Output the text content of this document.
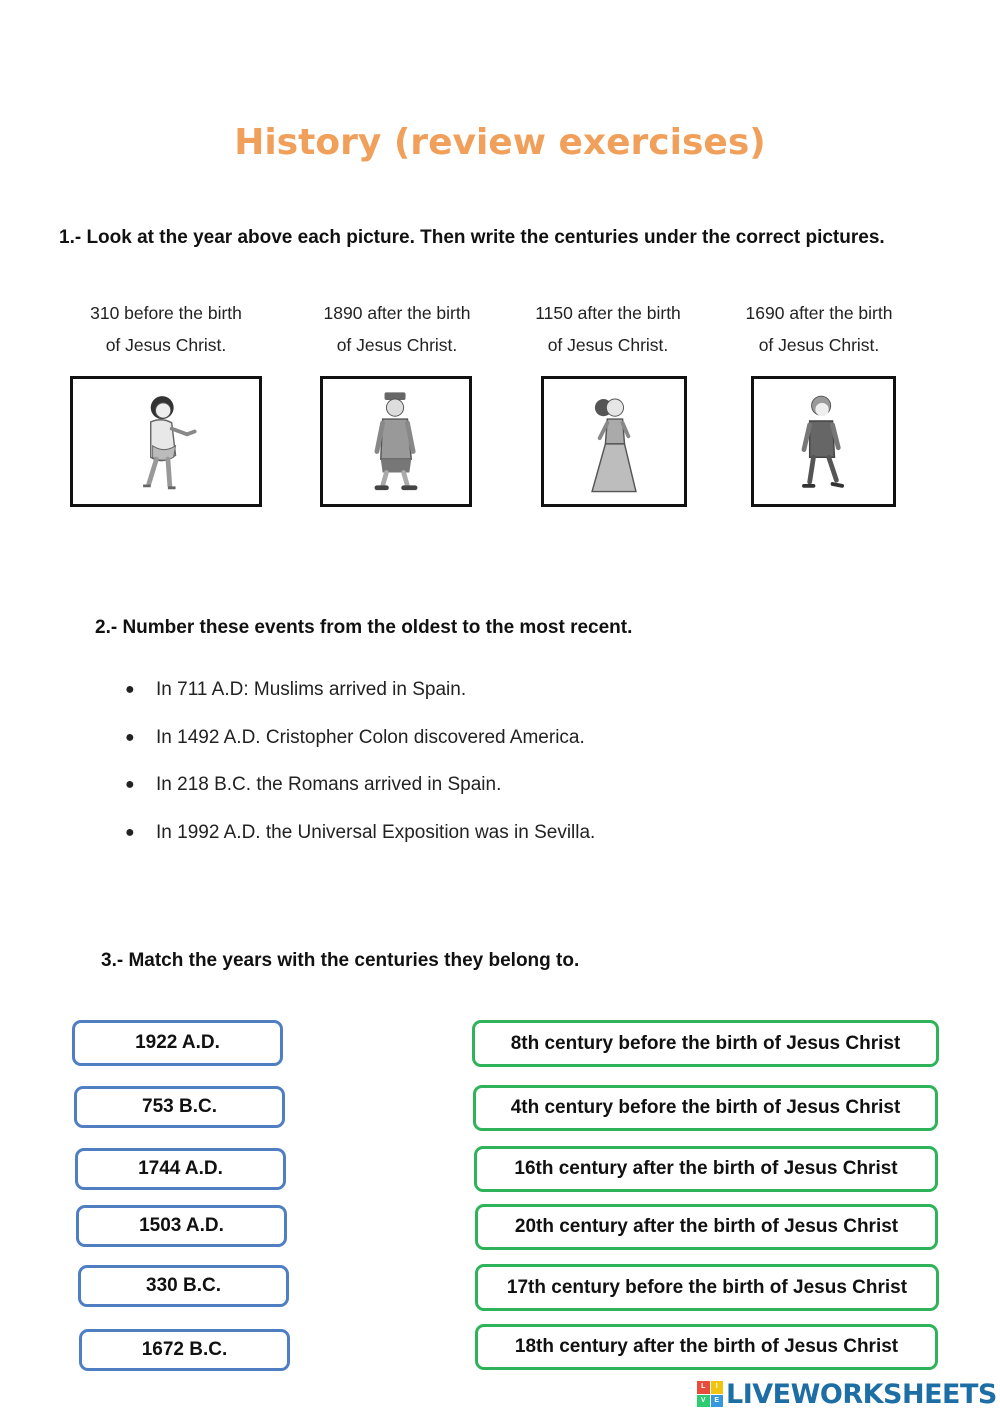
History (review exercises)
1.- Look at the year above each picture. Then write the centuries under the correct pictures.
310 before the birth
of Jesus Christ.
1890 after the birth
of Jesus Christ.
1150 after the birth
of Jesus Christ.
1690 after the birth
of Jesus Christ.
2.- Number these events from the oldest to the most recent.
● In 711 A.D: Muslims arrived in Spain.
● In 1492 A.D. Cristopher Colon discovered America.
● In 218 B.C. the Romans arrived in Spain.
● In 1992 A.D. the Universal Exposition was in Sevilla.
3.- Match the years with the centuries they belong to.
1922 A.D.
753 B.C.
1744 A.D.
1503 A.D.
330 B.C.
1672 B.C.
8th century before the birth of Jesus Christ
4th century before the birth of Jesus Christ
16th century after the birth of Jesus Christ
20th century after the birth of Jesus Christ
17th century before the birth of Jesus Christ
18th century after the birth of Jesus Christ
L	I
V	E LIVEWORKSHEETS
